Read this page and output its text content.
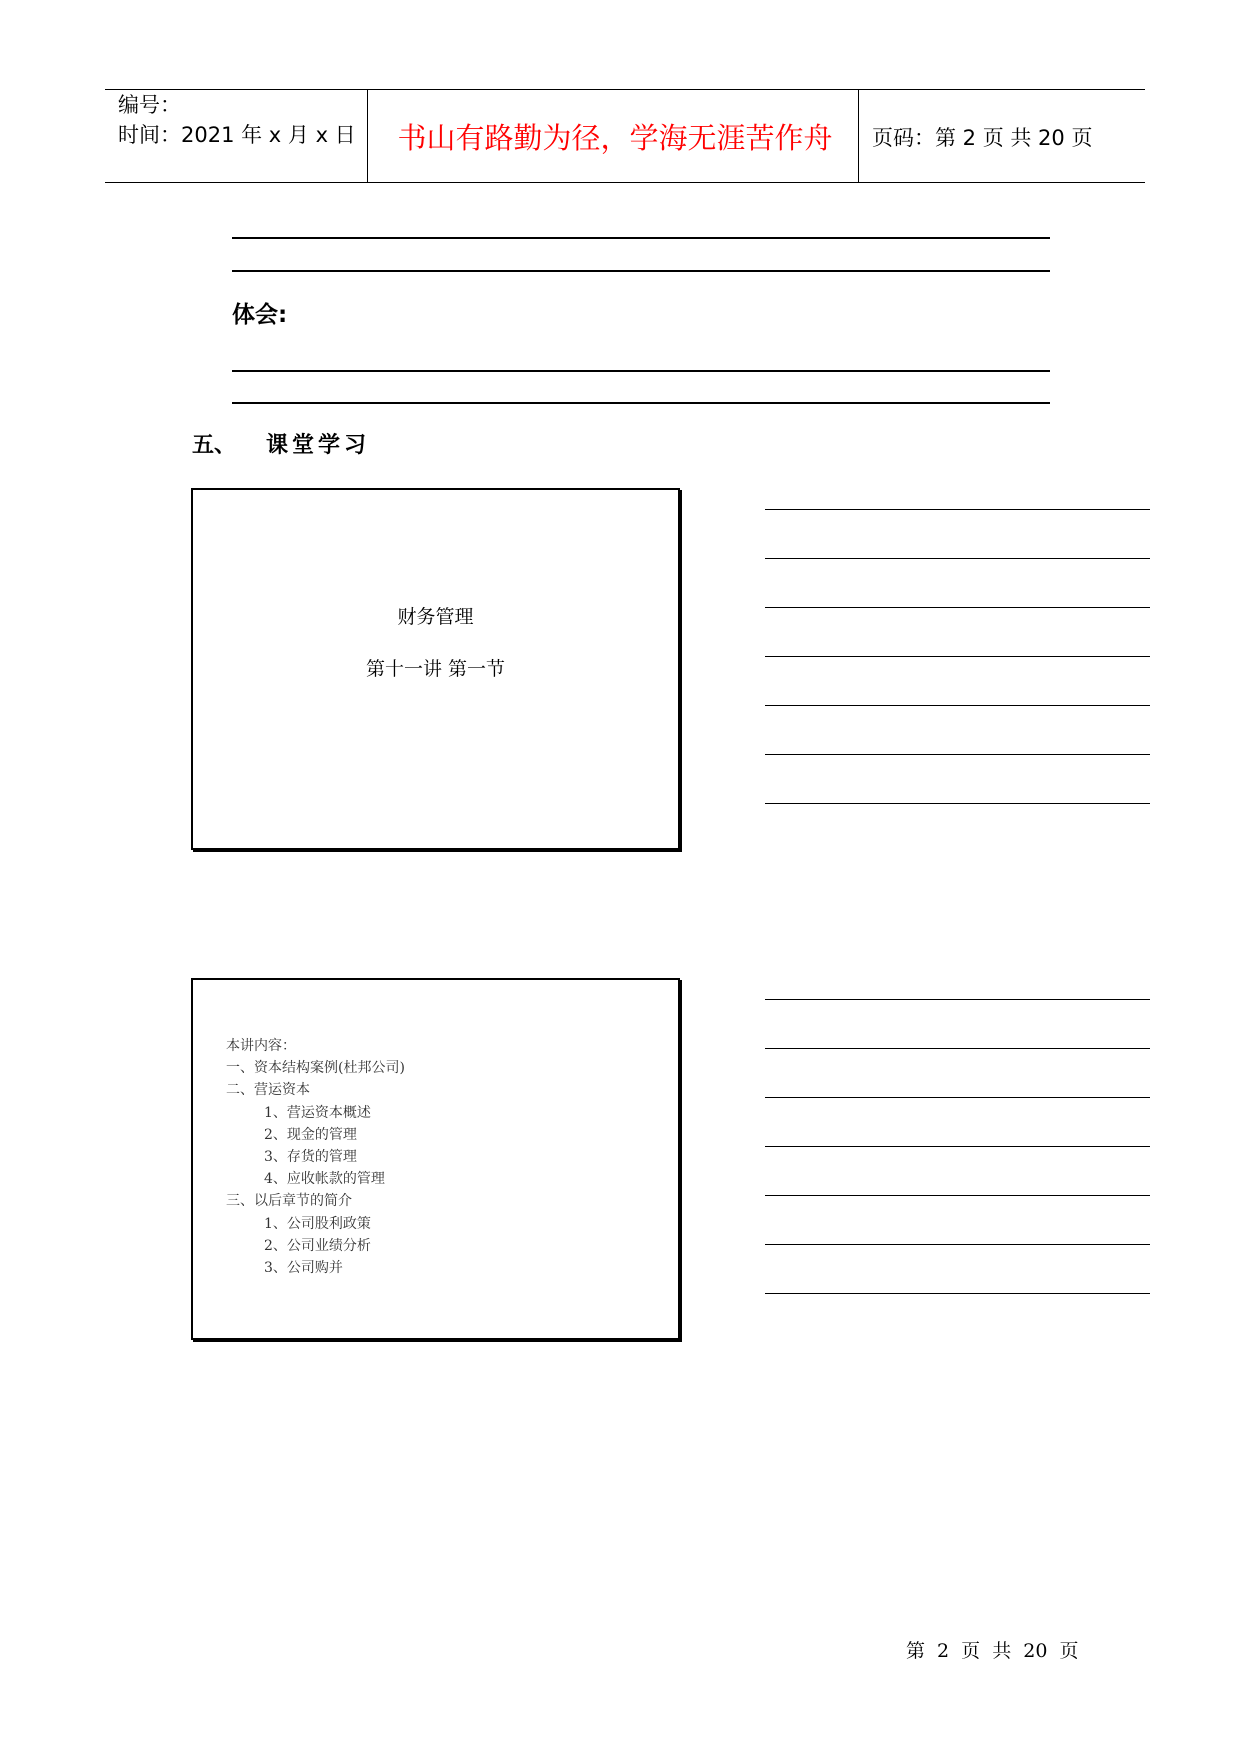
编号：
时间：2021 年 x 月 x 日	书山有路勤为径，学海无涯苦作舟	页码：第 2 页 共 20 页
体会:
五、 课堂学习
财务管理
第十一讲 第一节
本讲内容：
一、资本结构案例(杜邦公司)
二、营运资本
1、营运资本概述
2、现金的管理
3、存货的管理
4、应收帐款的管理
三、以后章节的简介
1、公司股利政策
2、公司业绩分析
3、公司购并
第 2 页 共 20 页
